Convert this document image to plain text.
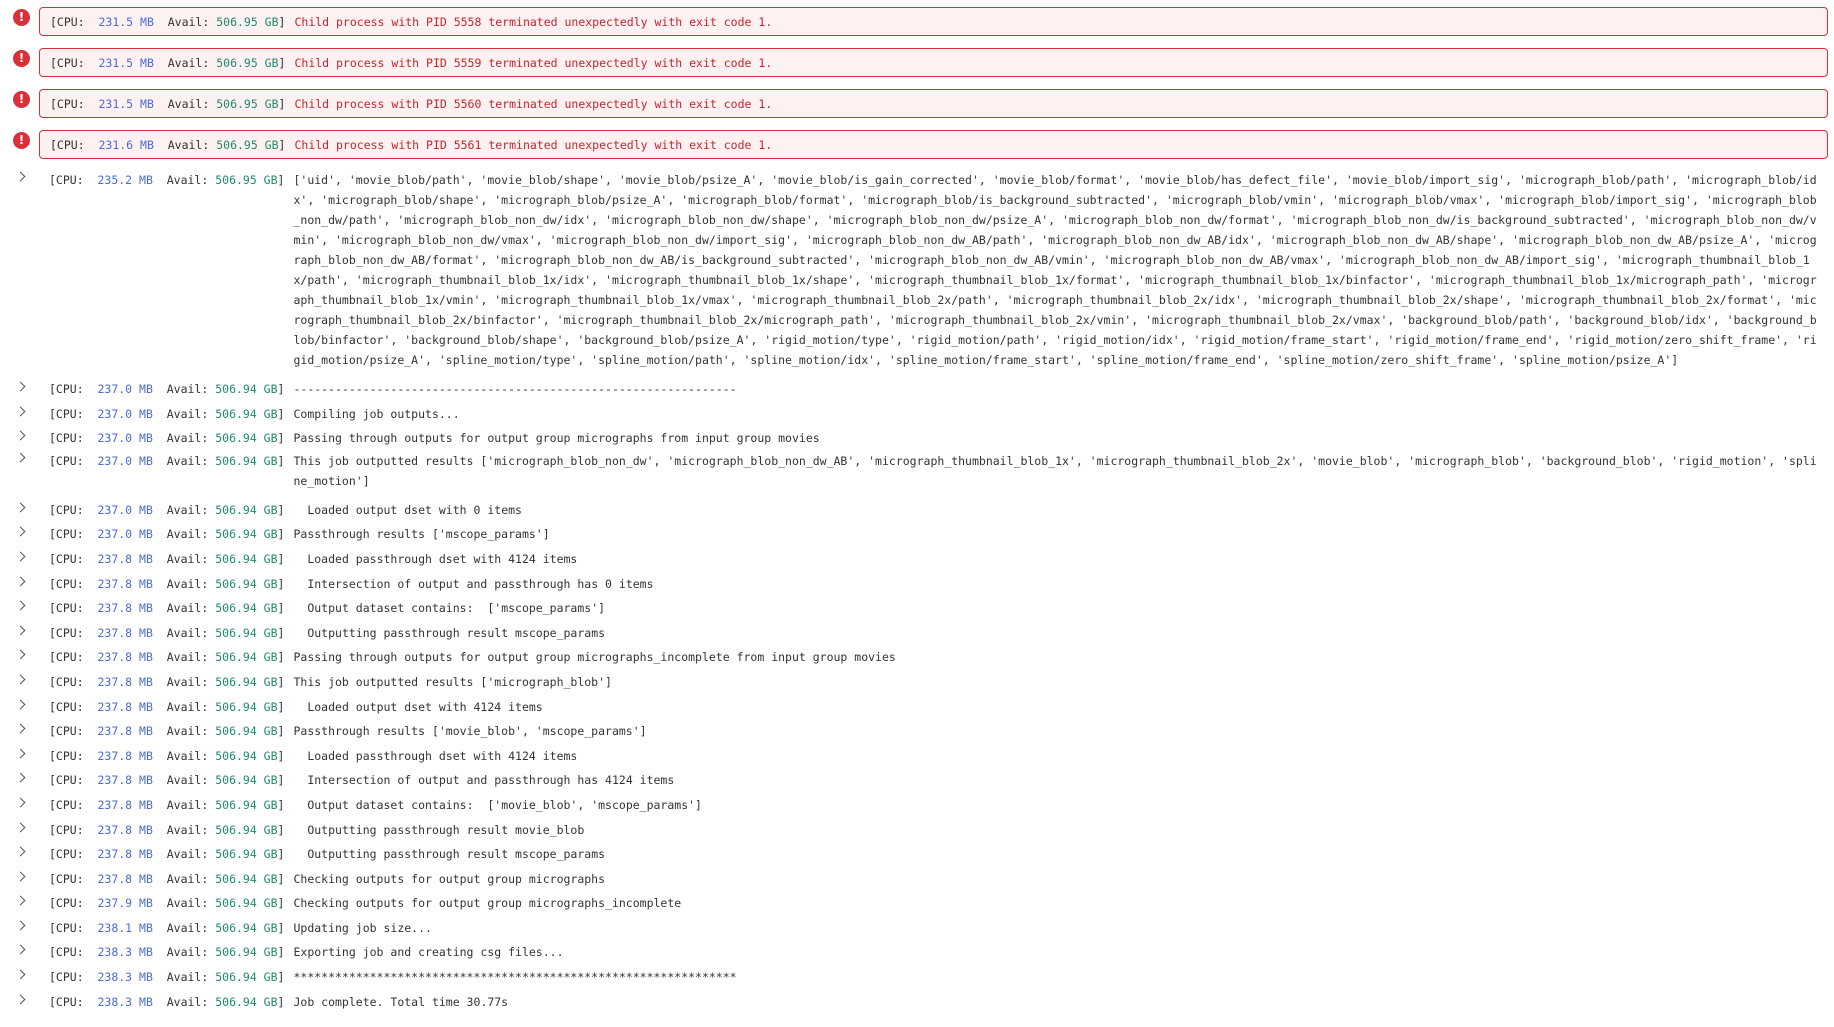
!	[CPU: 231.5 MB Avail: 506.95 GB] Child process with PID 5558 terminated unexpectedly with exit code 1.
!	[CPU: 231.5 MB Avail: 506.95 GB] Child process with PID 5559 terminated unexpectedly with exit code 1.
!	[CPU: 231.5 MB Avail: 506.95 GB] Child process with PID 5560 terminated unexpectedly with exit code 1.
!	[CPU: 231.6 MB Avail: 506.95 GB] Child process with PID 5561 terminated unexpectedly with exit code 1.
[CPU: 235.2 MB Avail: 506.95 GB] ['uid', 'movie_blob/path', 'movie_blob/shape', 'movie_blob/psize_A', 'movie_blob/is_gain_corrected', 'movie_blob/format', 'movie_blob/has_defect_file', 'movie_blob/import_sig', 'micrograph_blob/path', 'micrograph_blob/idx', 'micrograph_blob/shape', 'micrograph_blob/psize_A', 'micrograph_blob/format', 'micrograph_blob/is_background_subtracted', 'micrograph_blob/vmin', 'micrograph_blob/vmax', 'micrograph_blob/import_sig', 'micrograph_blob_non_dw/path', 'micrograph_blob_non_dw/idx', 'micrograph_blob_non_dw/shape', 'micrograph_blob_non_dw/psize_A', 'micrograph_blob_non_dw/format', 'micrograph_blob_non_dw/is_background_subtracted', 'micrograph_blob_non_dw/vmin', 'micrograph_blob_non_dw/vmax', 'micrograph_blob_non_dw/import_sig', 'micrograph_blob_non_dw_AB/path', 'micrograph_blob_non_dw_AB/idx', 'micrograph_blob_non_dw_AB/shape', 'micrograph_blob_non_dw_AB/psize_A', 'micrograph_blob_non_dw_AB/format', 'micrograph_blob_non_dw_AB/is_background_subtracted', 'micrograph_blob_non_dw_AB/vmin', 'micrograph_blob_non_dw_AB/vmax', 'micrograph_blob_non_dw_AB/import_sig', 'micrograph_thumbnail_blob_1x/path', 'micrograph_thumbnail_blob_1x/idx', 'micrograph_thumbnail_blob_1x/shape', 'micrograph_thumbnail_blob_1x/format', 'micrograph_thumbnail_blob_1x/binfactor', 'micrograph_thumbnail_blob_1x/micrograph_path', 'micrograph_thumbnail_blob_1x/vmin', 'micrograph_thumbnail_blob_1x/vmax', 'micrograph_thumbnail_blob_2x/path', 'micrograph_thumbnail_blob_2x/idx', 'micrograph_thumbnail_blob_2x/shape', 'micrograph_thumbnail_blob_2x/format', 'micrograph_thumbnail_blob_2x/binfactor', 'micrograph_thumbnail_blob_2x/micrograph_path', 'micrograph_thumbnail_blob_2x/vmin', 'micrograph_thumbnail_blob_2x/vmax', 'background_blob/path', 'background_blob/idx', 'background_blob/binfactor', 'background_blob/shape', 'background_blob/psize_A', 'rigid_motion/type', 'rigid_motion/path', 'rigid_motion/idx', 'rigid_motion/frame_start', 'rigid_motion/frame_end', 'rigid_motion/zero_shift_frame', 'rigid_motion/psize_A', 'spline_motion/type', 'spline_motion/path', 'spline_motion/idx', 'spline_motion/frame_start', 'spline_motion/frame_end', 'spline_motion/zero_shift_frame', 'spline_motion/psize_A']
[CPU: 237.0 MB Avail: 506.94 GB] ----------------------------------------------------------------
[CPU: 237.0 MB Avail: 506.94 GB] Compiling job outputs...
[CPU: 237.0 MB Avail: 506.94 GB] Passing through outputs for output group micrographs from input group movies
[CPU: 237.0 MB Avail: 506.94 GB] This job outputted results ['micrograph_blob_non_dw', 'micrograph_blob_non_dw_AB', 'micrograph_thumbnail_blob_1x', 'micrograph_thumbnail_blob_2x', 'movie_blob', 'micrograph_blob', 'background_blob', 'rigid_motion', 'spline_motion']
[CPU: 237.0 MB Avail: 506.94 GB] Loaded output dset with 0 items
[CPU: 237.0 MB Avail: 506.94 GB] Passthrough results ['mscope_params']
[CPU: 237.8 MB Avail: 506.94 GB] Loaded passthrough dset with 4124 items
[CPU: 237.8 MB Avail: 506.94 GB] Intersection of output and passthrough has 0 items
[CPU: 237.8 MB Avail: 506.94 GB] Output dataset contains:  ['mscope_params']
[CPU: 237.8 MB Avail: 506.94 GB] Outputting passthrough result mscope_params
[CPU: 237.8 MB Avail: 506.94 GB] Passing through outputs for output group micrographs_incomplete from input group movies
[CPU: 237.8 MB Avail: 506.94 GB] This job outputted results ['micrograph_blob']
[CPU: 237.8 MB Avail: 506.94 GB] Loaded output dset with 4124 items
[CPU: 237.8 MB Avail: 506.94 GB] Passthrough results ['movie_blob', 'mscope_params']
[CPU: 237.8 MB Avail: 506.94 GB] Loaded passthrough dset with 4124 items
[CPU: 237.8 MB Avail: 506.94 GB] Intersection of output and passthrough has 4124 items
[CPU: 237.8 MB Avail: 506.94 GB] Output dataset contains:  ['movie_blob', 'mscope_params']
[CPU: 237.8 MB Avail: 506.94 GB] Outputting passthrough result movie_blob
[CPU: 237.8 MB Avail: 506.94 GB] Outputting passthrough result mscope_params
[CPU: 237.8 MB Avail: 506.94 GB] Checking outputs for output group micrographs
[CPU: 237.9 MB Avail: 506.94 GB] Checking outputs for output group micrographs_incomplete
[CPU: 238.1 MB Avail: 506.94 GB] Updating job size...
[CPU: 238.3 MB Avail: 506.94 GB] Exporting job and creating csg files...
[CPU: 238.3 MB Avail: 506.94 GB] ****************************************************************
[CPU: 238.3 MB Avail: 506.94 GB] Job complete. Total time 30.77s
